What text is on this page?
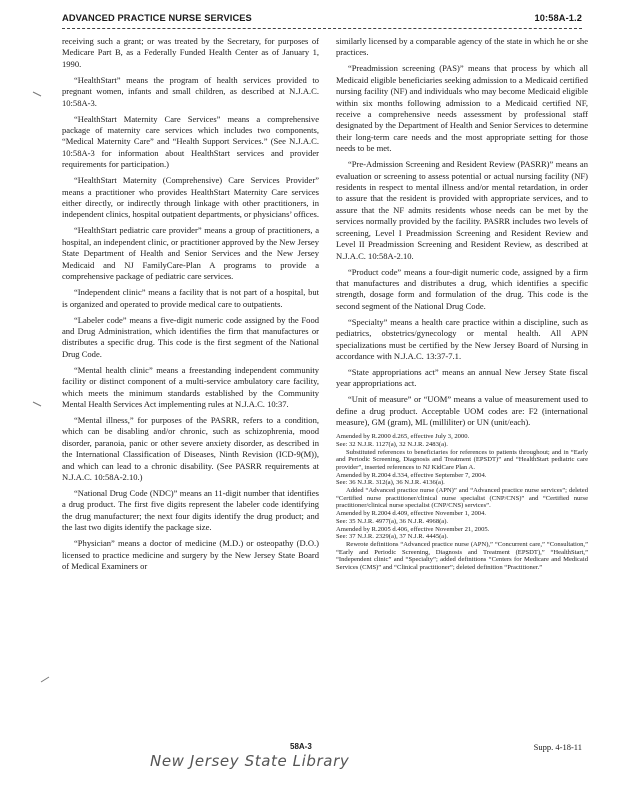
ADVANCED PRACTICE NURSE SERVICES	10:58A-1.2

receiving such a grant; or was treated by the Secretary, for purposes of Medicare Part B, as a Federally Funded Health Center as of January 1, 1990.

“HealthStart” means the program of health services provided to pregnant women, infants and small children, as described at N.J.A.C. 10:58A-3.

“HealthStart Maternity Care Services” means a comprehensive package of maternity care services which includes two components, “Medical Maternity Care” and “Health Support Services.” (See N.J.A.C. 10:58A-3 for information about HealthStart services and provider requirements for participation.)

“HealthStart Maternity (Comprehensive) Care Services Provider” means a practitioner who provides HealthStart Maternity Care services either directly, or indirectly through linkage with other practitioners, in independent clinics, hospital outpatient departments, or physicians’ offices.

“HealthStart pediatric care provider” means a group of practitioners, a hospital, an independent clinic, or practitioner approved by the New Jersey State Department of Health and Senior Services and the New Jersey Medicaid and NJ FamilyCare-Plan A programs to provide a comprehensive package of pediatric care services.

“Independent clinic” means a facility that is not part of a hospital, but is organized and operated to provide medical care to outpatients.

“Labeler code” means a five-digit numeric code assigned by the Food and Drug Administration, which identifies the firm that manufactures or distributes a specific drug. This code is the first segment of the National Drug Code.

“Mental health clinic” means a freestanding independent community facility or distinct component of a multi-service ambulatory care facility, which meets the minimum standards established by the Community Mental Health Services Act implementing rules at N.J.A.C. 10:37.

“Mental illness,” for purposes of the PASRR, refers to a condition, which can be disabling and/or chronic, such as schizophrenia, mood disorder, paranoia, panic or other severe anxiety disorder, as described in the International Classification of Diseases, Ninth Revision (ICD-9(M)), and which can lead to a chronic disability. (See PASRR requirements at N.J.A.C. 10:58A-2.10.)

“National Drug Code (NDC)” means an 11-digit number that identifies a drug product. The first five digits represent the labeler code identifying the drug manufacturer; the next four digits identify the drug product; and the last two digits identify the package size.

“Physician” means a doctor of medicine (M.D.) or osteopathy (D.O.) licensed to practice medicine and surgery by the New Jersey State Board of Medical Examiners or

similarly licensed by a comparable agency of the state in which he or she practices.

“Preadmission screening (PAS)” means that process by which all Medicaid eligible beneficiaries seeking admission to a Medicaid certified nursing facility (NF) and individuals who may become Medicaid eligible within six months following admission to a Medicaid certified NF, receive a comprehensive needs assessment by professional staff designated by the Department of Health and Senior Services to determine their long-term care needs and the most appropriate setting for those needs to be met.

“Pre-Admission Screening and Resident Review (PASRR)” means an evaluation or screening to assess potential or actual nursing facility (NF) residents in respect to mental illness and/or mental retardation, in order to assure that the resident is provided with appropriate services, and to assure that the NF admits residents whose needs can be met by the services normally provided by the facility. PASRR includes two levels of screening, Level I Preadmission Screening and Resident Review and Level II Preadmission Screening and Resident Review, as described at N.J.A.C. 10:58A-2.10.

“Product code” means a four-digit numeric code, assigned by a firm that manufactures and distributes a drug, which identifies a specific strength, dosage form and formulation of the drug. This code is the second segment of the National Drug Code.

“Specialty” means a health care practice within a discipline, such as pediatrics, obstetrics/gynecology or mental health. All APN specializations must be certified by the New Jersey Board of Nursing in accordance with N.J.A.C. 13:37-7.1.

“State appropriations act” means an annual New Jersey State fiscal year appropriations act.

“Unit of measure” or “UOM” means a value of measurement used to define a drug product. Acceptable UOM codes are: F2 (international measure), GM (gram), ML (milliliter) or UN (unit/each).

Amended by R.2000 d.265, effective July 3, 2000.
See: 32 N.J.R. 1127(a), 32 N.J.R. 2483(a).
Substituted references to beneficiaries for references to patients throughout; and in “Early and Periodic Screening, Diagnosis and Treatment (EPSDT)” and “HealthStart pediatric care provider”, inserted references to NJ KidCare Plan A.
Amended by R.2004 d.334, effective September 7, 2004.
See: 36 N.J.R. 312(a), 36 N.J.R. 4136(a).
Added “Advanced practice nurse (APN)” and “Advanced practice nurse services”; deleted “Certified nurse practitioner/clinical nurse specialist (CNP/CNS)” and “Certified nurse practitioner/clinical nurse specialist (CNP/CNS) services”.
Amended by R.2004 d.409, effective November 1, 2004.
See: 35 N.J.R. 4977(a), 36 N.J.R. 4968(a).
Amended by R.2005 d.406, effective November 21, 2005.
See: 37 N.J.R. 2329(a), 37 N.J.R. 4445(a).
Rewrote definitions “Advanced practice nurse (APN),” “Concurrent care,” “Consultation,” “Early and Periodic Screening, Diagnosis and Treatment (EPSDT),” “HealthStart,” “Independent clinic” and “Specialty”; added definitions “Centers for Medicare and Medicaid Services (CMS)” and “Clinical practitioner”; deleted definition “Practitioner.”
58A-3	Supp. 4-18-11
New Jersey State Library
